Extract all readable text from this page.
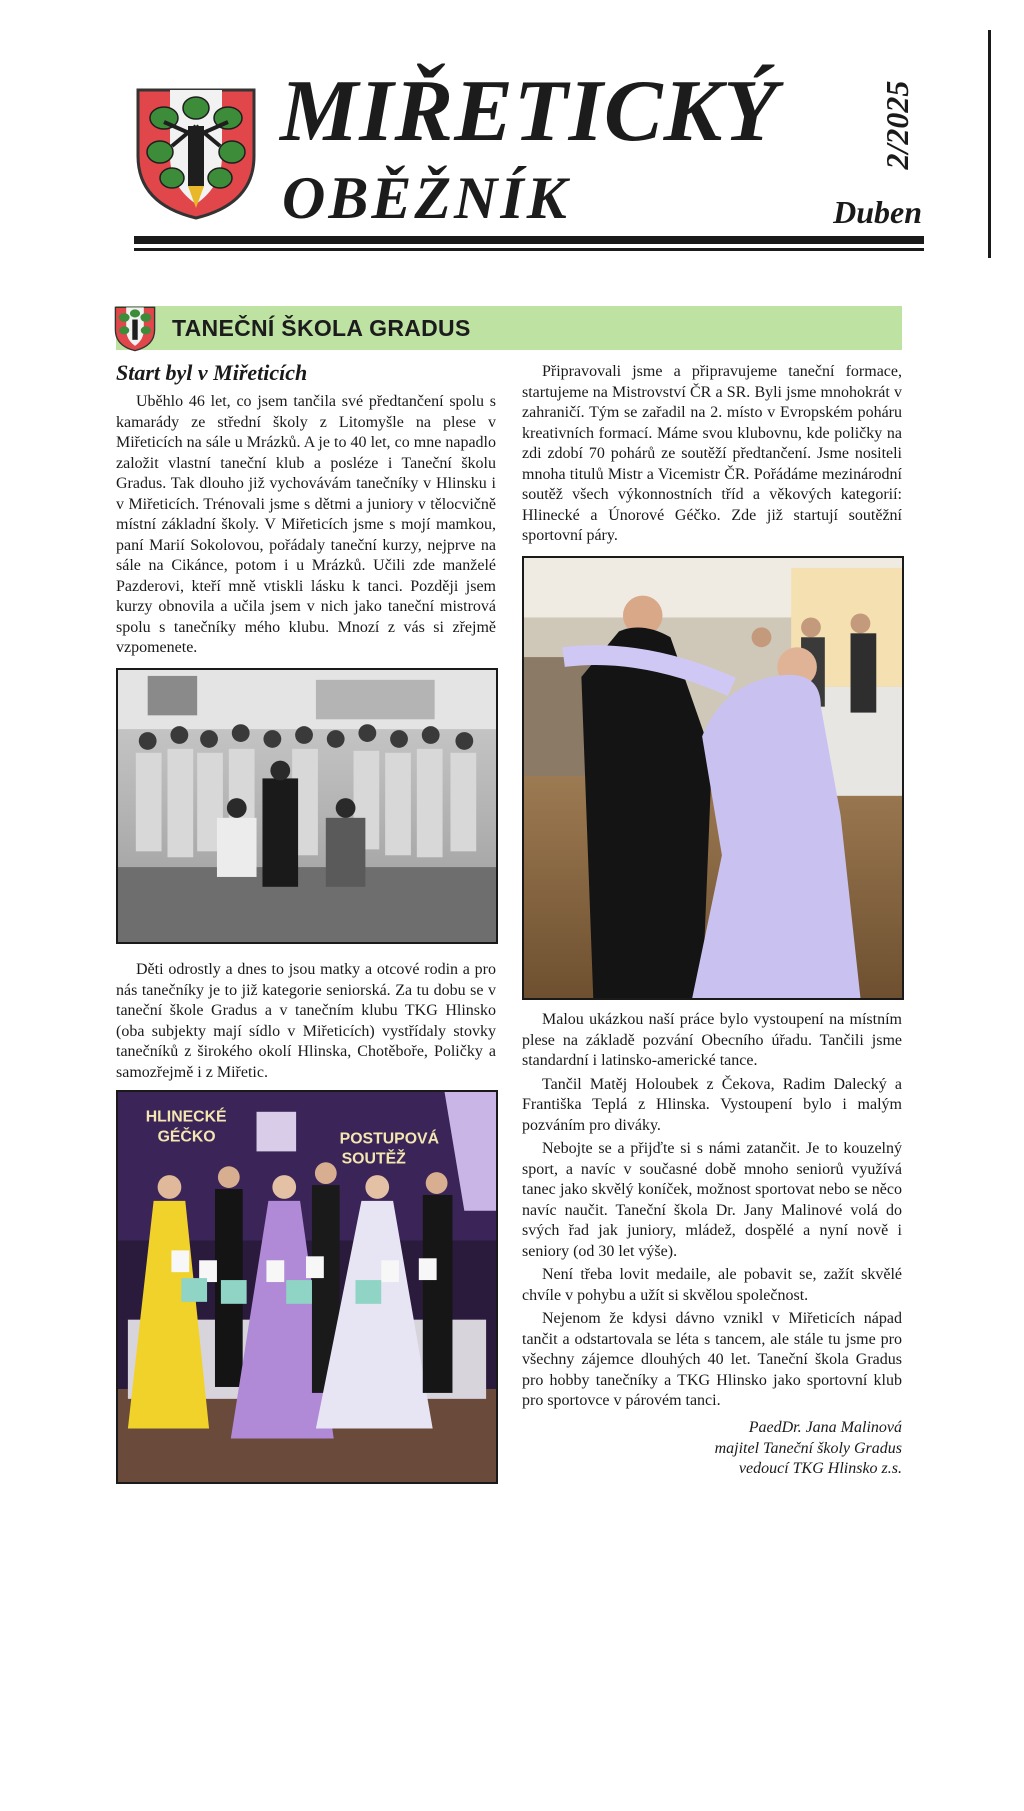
MIŘETICKÝ
OBĚŽNÍK
2/2025
Duben
TANEČNÍ ŠKOLA GRADUS
Start byl v Miřeticích

Uběhlo 46 let, co jsem tančila své předtančení spolu s kamarády ze střední školy z Litomyšle na plese v Miřeticích na sále u Mrázků. A je to 40 let, co mne napadlo založit vlastní taneční klub a posléze i Taneční školu Gradus. Tak dlouho již vychovávám tanečníky v Hlinsku i v Miřeticích. Trénovali jsme s dětmi a juniory v tělocvičně místní základní školy. V Miřeticích jsme s mojí mamkou, paní Marií Sokolovou, pořádaly taneční kurzy, nejprve na sále na Cikánce, potom i u Mrázků. Učili zde manželé Pazderovi, kteří mně vtiskli lásku k tanci. Později jsem kurzy obnovila a učila jsem v nich jako taneční mistrová spolu s tanečníky mého klubu. Mnozí z vás si zřejmě vzpomenete.

Děti odrostly a dnes to jsou matky a otcové rodin a pro nás tanečníky je to již kategorie seniorská. Za tu dobu se v taneční škole Gradus a v tanečním klubu TKG Hlinsko (oba subjekty mají sídlo v Miřeticích) vystřídaly stovky tanečníků z širokého okolí Hlinska, Chotěboře, Poličky a samozřejmě i z Miřetic.

HLINECKÉ
GÉČKO	POSTUPOVÁ
SOUTĚŽ

Připravovali jsme a připravujeme taneční formace, startujeme na Mistrovství ČR a SR. Byli jsme mnohokrát v zahraničí. Tým se zařadil na 2. místo v Evropském poháru kreativních formací. Máme svou klubovnu, kde poličky na zdi zdobí 70 pohárů ze soutěží předtančení. Jsme nositeli mnoha titulů Mistr a Vicemistr ČR. Pořádáme mezinárodní soutěž všech výkonnostních tříd a věkových kategorií: Hlinecké a Únorové Géčko. Zde již startují soutěžní sportovní páry.

Malou ukázkou naší práce bylo vystoupení na místním plese na základě pozvání Obecního úřadu. Tančili jsme standardní i latinsko-americké tance.

Tančil Matěj Holoubek z Čekova, Radim Dalecký a Františka Teplá z Hlinska. Vystoupení bylo i malým pozváním pro diváky.

Nebojte se a přijďte si s námi zatančit. Je to kouzelný sport, a navíc v současné době mnoho seniorů využívá tanec jako skvělý koníček, možnost sportovat nebo se něco navíc naučit. Taneční škola Dr. Jany Malinové volá do svých řad jak juniory, mládež, dospělé a nyní nově i seniory (od 30 let výše).

Není třeba lovit medaile, ale pobavit se, zažít skvělé chvíle v pohybu a užít si skvělou společnost.

Nejenom že kdysi dávno vznikl v Miřeticích nápad tančit a odstartovala se léta s tancem, ale stále tu jsme pro všechny zájemce dlouhých 40 let. Taneční škola Gradus pro hobby tanečníky a TKG Hlinsko jako sportovní klub pro sportovce v párovém tanci.

PaedDr. Jana Malinová
majitel Taneční školy Gradus
vedoucí TKG Hlinsko z.s.
